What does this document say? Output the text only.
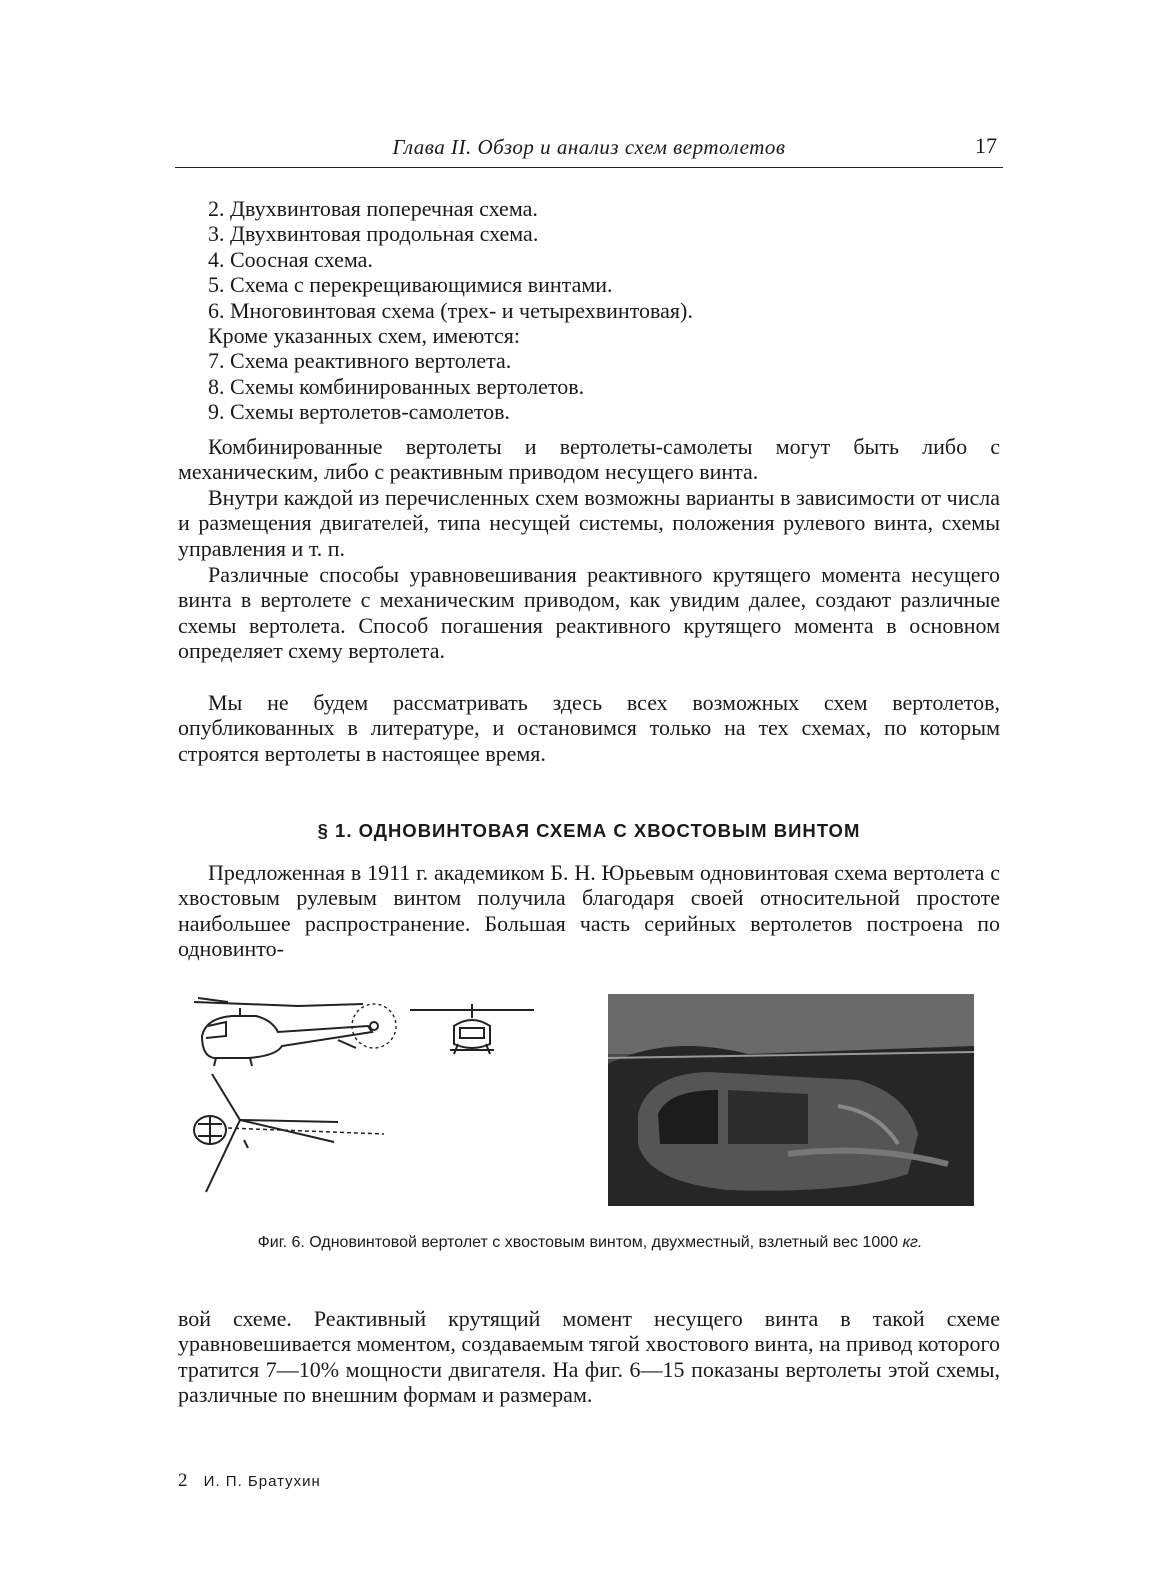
Глава II. Обзор и анализ схем вертолетов	17
2. Двухвинтовая поперечная схема.
3. Двухвинтовая продольная схема.
4. Соосная схема.
5. Схема с перекрещивающимися винтами.
6. Многовинтовая схема (трех- и четырехвинтовая).
Кроме указанных схем, имеются:
7. Схема реактивного вертолета.
8. Схемы комбинированных вертолетов.
9. Схемы вертолетов-самолетов.

Комбинированные вертолеты и вертолеты-самолеты могут быть либо с механическим, либо с реактивным приводом несущего винта.

Внутри каждой из перечисленных схем возможны варианты в зависимости от числа и размещения двигателей, типа несущей системы, положения рулевого винта, схемы управления и т. п.

Различные способы уравновешивания реактивного крутящего момента несущего винта в вертолете с механическим приводом, как увидим далее, создают различные схемы вертолета. Способ погашения реактивного крутящего момента в основном определяет схему вертолета.

Мы не будем рассматривать здесь всех возможных схем вертолетов, опубликованных в литературе, и остановимся только на тех схемах, по которым строятся вертолеты в настоящее время.

§ 1. ОДНОВИНТОВАЯ СХЕМА С ХВОСТОВЫМ ВИНТОМ

Предложенная в 1911 г. академиком Б. Н. Юрьевым одновинтовая схема вертолета с хвостовым рулевым винтом получила благодаря своей относительной простоте наибольшее распространение. Большая часть серийных вертолетов построена по одновинто-

Фиг. 6. Одновинтовой вертолет с хвостовым винтом, двухместный, взлетный вес 1000 кг.

вой схеме. Реактивный крутящий момент несущего винта в такой схеме уравновешивается моментом, создаваемым тягой хвостового винта, на привод которого тратится 7—10% мощности двигателя. На фиг. 6—15 показаны вертолеты этой схемы, различные по внешним формам и размерам.

2 И. П. Братухин
